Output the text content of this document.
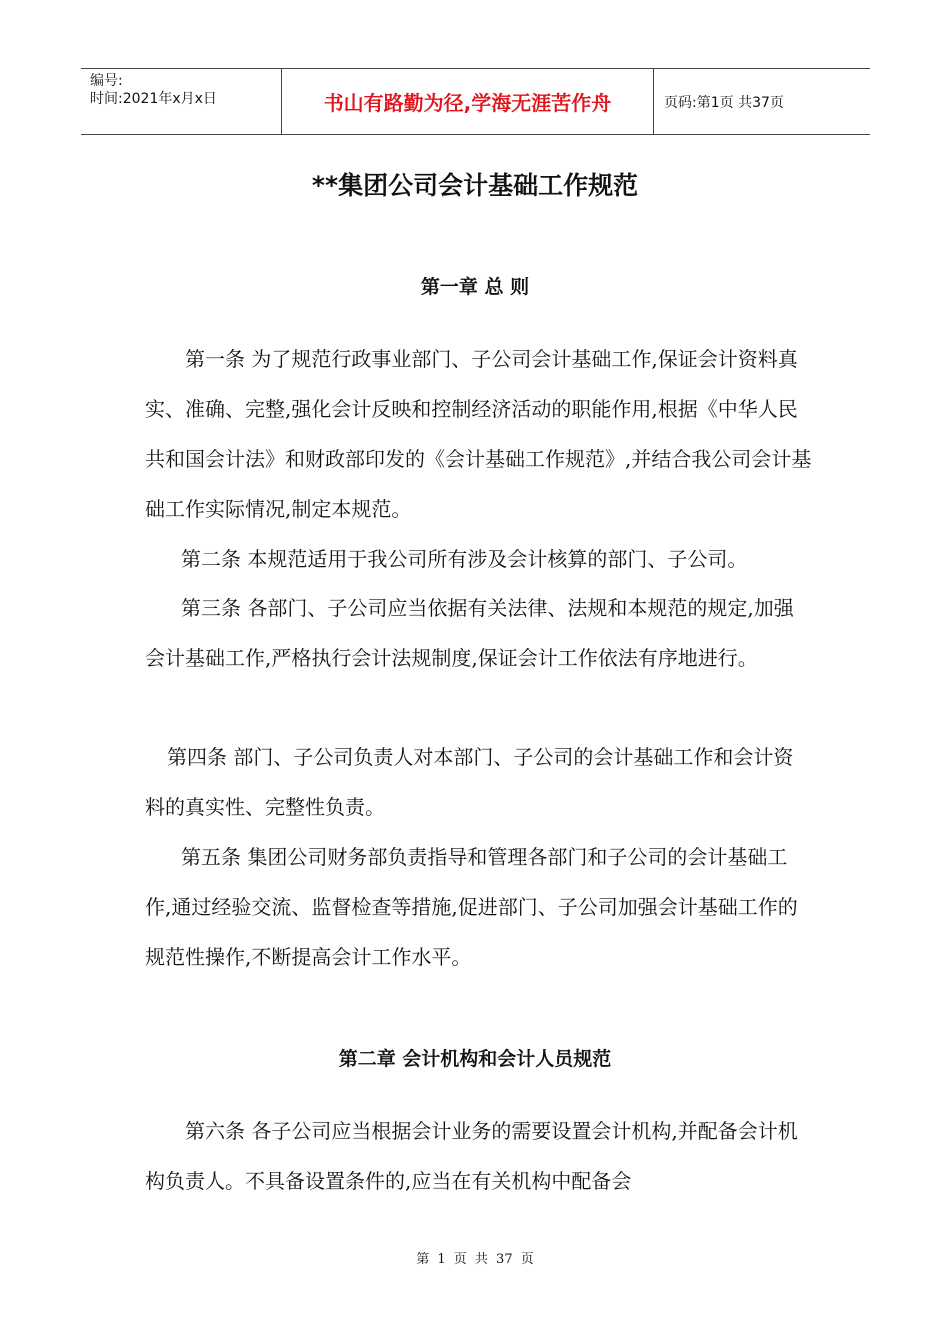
编号:
时间:2021年x月x日	书山有路勤为径,学海无涯苦作舟	页码:第1页 共37页
**集团公司会计基础工作规范
第一章 总 则

第一条 为了规范行政事业部门、子公司会计基础工作,保证会计资料真实、准确、完整,强化会计反映和控制经济活动的职能作用,根据《中华人民共和国会计法》和财政部印发的《会计基础工作规范》,并结合我公司会计基础工作实际情况,制定本规范。

第二条 本规范适用于我公司所有涉及会计核算的部门、子公司。

第三条 各部门、子公司应当依据有关法律、法规和本规范的规定,加强会计基础工作,严格执行会计法规制度,保证会计工作依法有序地进行。

第四条 部门、子公司负责人对本部门、子公司的会计基础工作和会计资料的真实性、完整性负责。

第五条 集团公司财务部负责指导和管理各部门和子公司的会计基础工作,通过经验交流、监督检查等措施,促进部门、子公司加强会计基础工作的规范性操作,不断提高会计工作水平。

第二章 会计机构和会计人员规范

第六条 各子公司应当根据会计业务的需要设置会计机构,并配备会计机构负责人。不具备设置条件的,应当在有关机构中配备会

第 1 页 共 37 页
